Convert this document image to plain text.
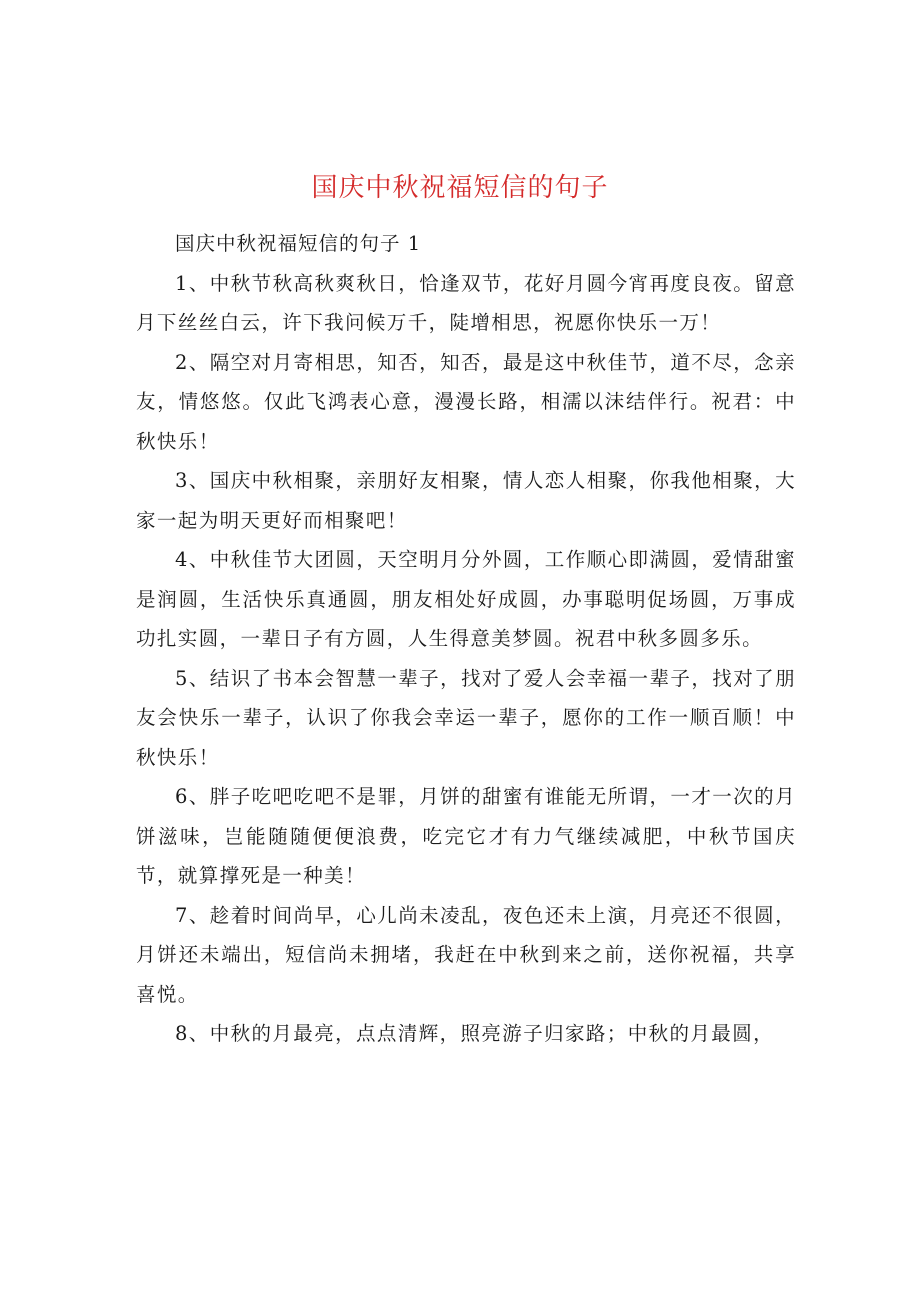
国庆中秋祝福短信的句子

国庆中秋祝福短信的句子 1

1、中秋节秋高秋爽秋日，恰逢双节，花好月圆今宵再度良夜。留意月下丝丝白云，许下我问候万千，陡增相思，祝愿你快乐一万！

2、隔空对月寄相思，知否，知否，最是这中秋佳节，道不尽，念亲友，情悠悠。仅此飞鸿表心意，漫漫长路，相濡以沫结伴行。祝君：中秋快乐！

3、国庆中秋相聚，亲朋好友相聚，情人恋人相聚，你我他相聚，大家一起为明天更好而相聚吧！

4、中秋佳节大团圆，天空明月分外圆，工作顺心即满圆，爱情甜蜜是润圆，生活快乐真通圆，朋友相处好成圆，办事聪明促场圆，万事成功扎实圆，一辈日子有方圆，人生得意美梦圆。祝君中秋多圆多乐。

5、结识了书本会智慧一辈子，找对了爱人会幸福一辈子，找对了朋友会快乐一辈子，认识了你我会幸运一辈子，愿你的工作一顺百顺！中秋快乐！

6、胖子吃吧吃吧不是罪，月饼的甜蜜有谁能无所谓，一才一次的月饼滋味，岂能随随便便浪费，吃完它才有力气继续减肥，中秋节国庆节，就算撑死是一种美！

7、趁着时间尚早，心儿尚未凌乱，夜色还未上演，月亮还不很圆，月饼还未端出，短信尚未拥堵，我赶在中秋到来之前，送你祝福，共享喜悦。

8、中秋的月最亮，点点清辉，照亮游子归家路；中秋的月最圆，
